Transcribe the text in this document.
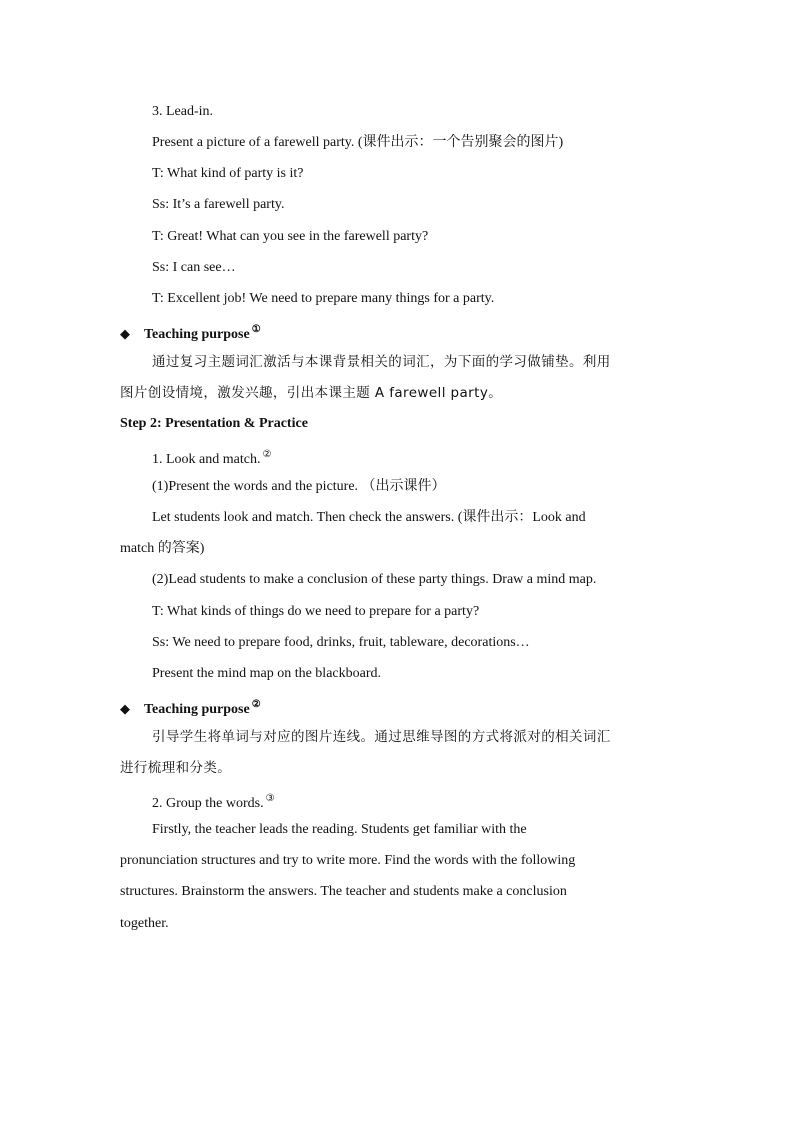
3. Lead-in.
Present a picture of a farewell party. (课件出示：一个告别聚会的图片)
T: What kind of party is it?
Ss: It’s a farewell party.
T: Great! What can you see in the farewell party?
Ss: I can see…
T: Excellent job! We need to prepare many things for a party.
◆ Teaching purpose ①
通过复习主题词汇激活与本课背景相关的词汇，为下面的学习做铺垫。利用
图片创设情境，激发兴趣，引出本课主题 A farewell party。
Step 2: Presentation & Practice
1. Look and match. ②
(1)Present the words and the picture. （出示课件）
Let students look and match. Then check the answers. (课件出示：Look and
match 的答案)
(2)Lead students to make a conclusion of these party things. Draw a mind map.
T: What kinds of things do we need to prepare for a party?
Ss: We need to prepare food, drinks, fruit, tableware, decorations…
Present the mind map on the blackboard.
◆ Teaching purpose ②
引导学生将单词与对应的图片连线。通过思维导图的方式将派对的相关词汇
进行梳理和分类。
2. Group the words. ③
Firstly, the teacher leads the reading. Students get familiar with the
pronunciation structures and try to write more. Find the words with the following
structures. Brainstorm the answers. The teacher and students make a conclusion
together.
